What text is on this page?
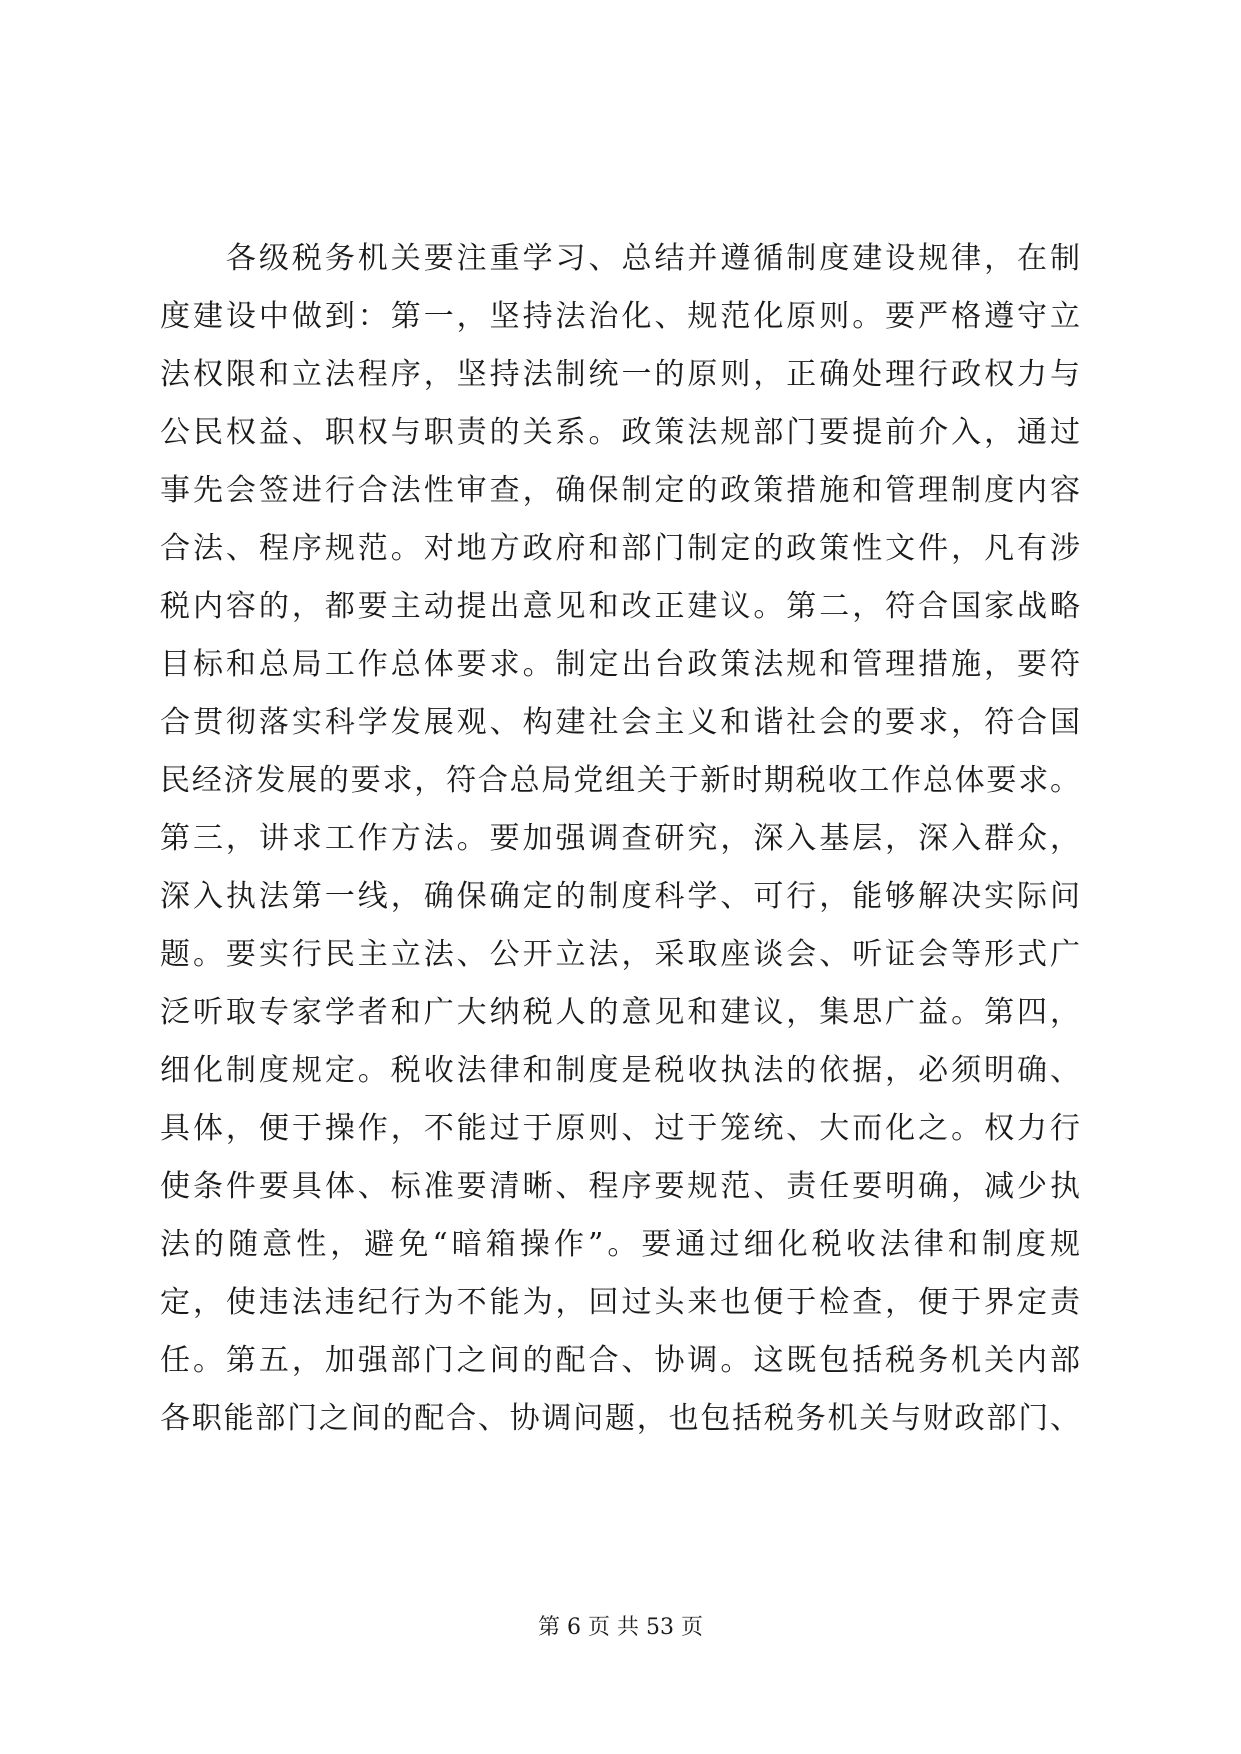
　　各级税务机关要注重学习、总结并遵循制度建设规律，在制
度建设中做到：第一，坚持法治化、规范化原则。要严格遵守立
法权限和立法程序，坚持法制统一的原则，正确处理行政权力与
公民权益、职权与职责的关系。政策法规部门要提前介入，通过
事先会签进行合法性审查，确保制定的政策措施和管理制度内容
合法、程序规范。对地方政府和部门制定的政策性文件，凡有涉
税内容的，都要主动提出意见和改正建议。第二，符合国家战略
目标和总局工作总体要求。制定出台政策法规和管理措施，要符
合贯彻落实科学发展观、构建社会主义和谐社会的要求，符合国
民经济发展的要求，符合总局党组关于新时期税收工作总体要求。
第三，讲求工作方法。要加强调查研究，深入基层，深入群众，
深入执法第一线，确保确定的制度科学、可行，能够解决实际问
题。要实行民主立法、公开立法，采取座谈会、听证会等形式广
泛听取专家学者和广大纳税人的意见和建议，集思广益。第四，
细化制度规定。税收法律和制度是税收执法的依据，必须明确、
具体，便于操作，不能过于原则、过于笼统、大而化之。权力行
使条件要具体、标准要清晰、程序要规范、责任要明确，减少执
法的随意性，避免“暗箱操作”。要通过细化税收法律和制度规
定，使违法违纪行为不能为，回过头来也便于检查，便于界定责
任。第五，加强部门之间的配合、协调。这既包括税务机关内部
各职能部门之间的配合、协调问题，也包括税务机关与财政部门、
第 6 页 共 53 页
